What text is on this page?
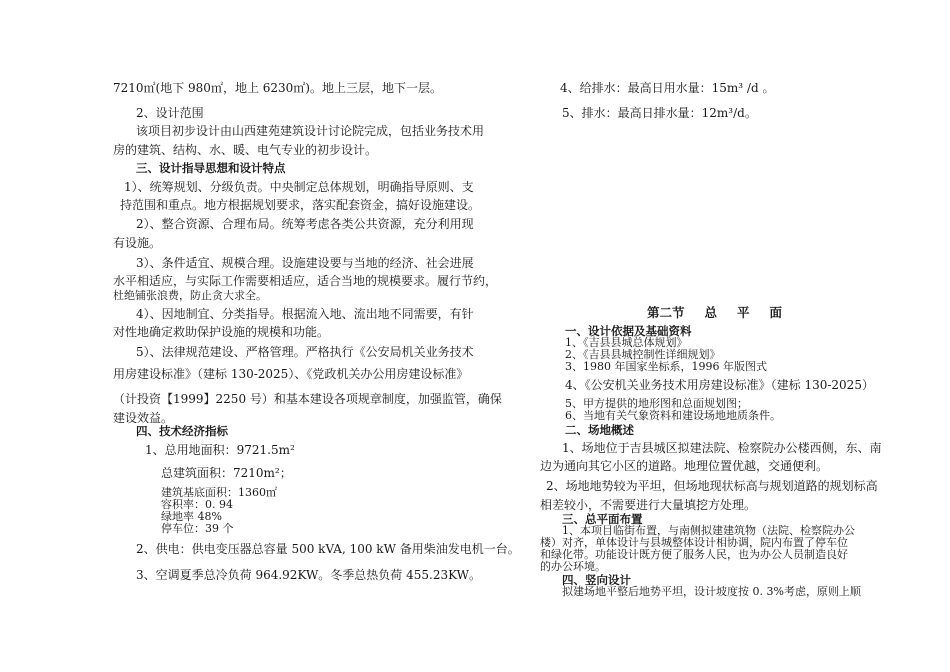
7210㎡(地下 980㎡，地上 6230㎡)。地上三层，地下一层。
2、设计范围
该项目初步设计由山西建苑建筑设计讨论院完成，包括业务技术用
房的建筑、结构、水、暖、电气专业的初步设计。
三、设计指导思想和设计特点
1）、统筹规划、分级负责。中央制定总体规划，明确指导原则、支
持范围和重点。地方根据规划要求，落实配套资金，搞好设施建设。
2）、整合资源、合理布局。统筹考虑各类公共资源，充分利用现
有设施。
3）、条件适宜、规模合理。设施建设要与当地的经济、社会进展
水平相适应，与实际工作需要相适应，适合当地的规模要求。履行节约，
杜绝铺张浪费，防止贪大求全。
4）、因地制宜、分类指导。根据流入地、流出地不同需要，有针
对性地确定救助保护设施的规模和功能。
5）、法律规范建设、严格管理。严格执行《公安局机关业务技术
用房建设标准》（建标 130-2025）、《党政机关办公用房建设标准》
（计投资【1999】2250 号）和基本建设各项规章制度，加强监管，确保
建设效益。
四、技术经济指标
1、总用地面积：9721.5m²
总建筑面积：7210m²；
建筑基底面积：1360㎡
容积率：0. 94
绿地率 48%
停车位：39 个
2、供电：供电变压器总容量 500 kVA, 100 kW 备用柴油发电机一台。
3、空调夏季总冷负荷 964.92KW。冬季总热负荷 455.23KW。
4、给排水：最高日用水量：15m³ /d 。
5、排水：最高日排水量：12m³/d。
第二节 总 平 面
一、设计依据及基础资料
1、《吉县县城总体规划》
2、《吉县县城控制性详细规划》
3、1980 年国家坐标系，1996 年版图式
4、《公安机关业务技术用房建设标准》（建标 130-2025）
5、甲方提供的地形图和总面规划图；
6、当地有关气象资料和建设场地地质条件。
二、场地概述
1、场地位于吉县城区拟建法院、检察院办公楼西侧，东、南
边为通向其它小区的道路。地理位置优越，交通便利。
2、场地地势较为平坦，但场地现状标高与规划道路的规划标高
相差较小，不需要进行大量填挖方处理。
三、总平面布置
1、本项目临街布置，与南侧拟建建筑物（法院、检察院办公
楼）对齐，单体设计与县城整体设计相协调，院内布置了停车位
和绿化带。功能设计既方便了服务人民，也为办公人员制造良好
的办公环境。
四、竖向设计
拟建场地平整后地势平坦，设计坡度按 0. 3%考虑，原则上顺
